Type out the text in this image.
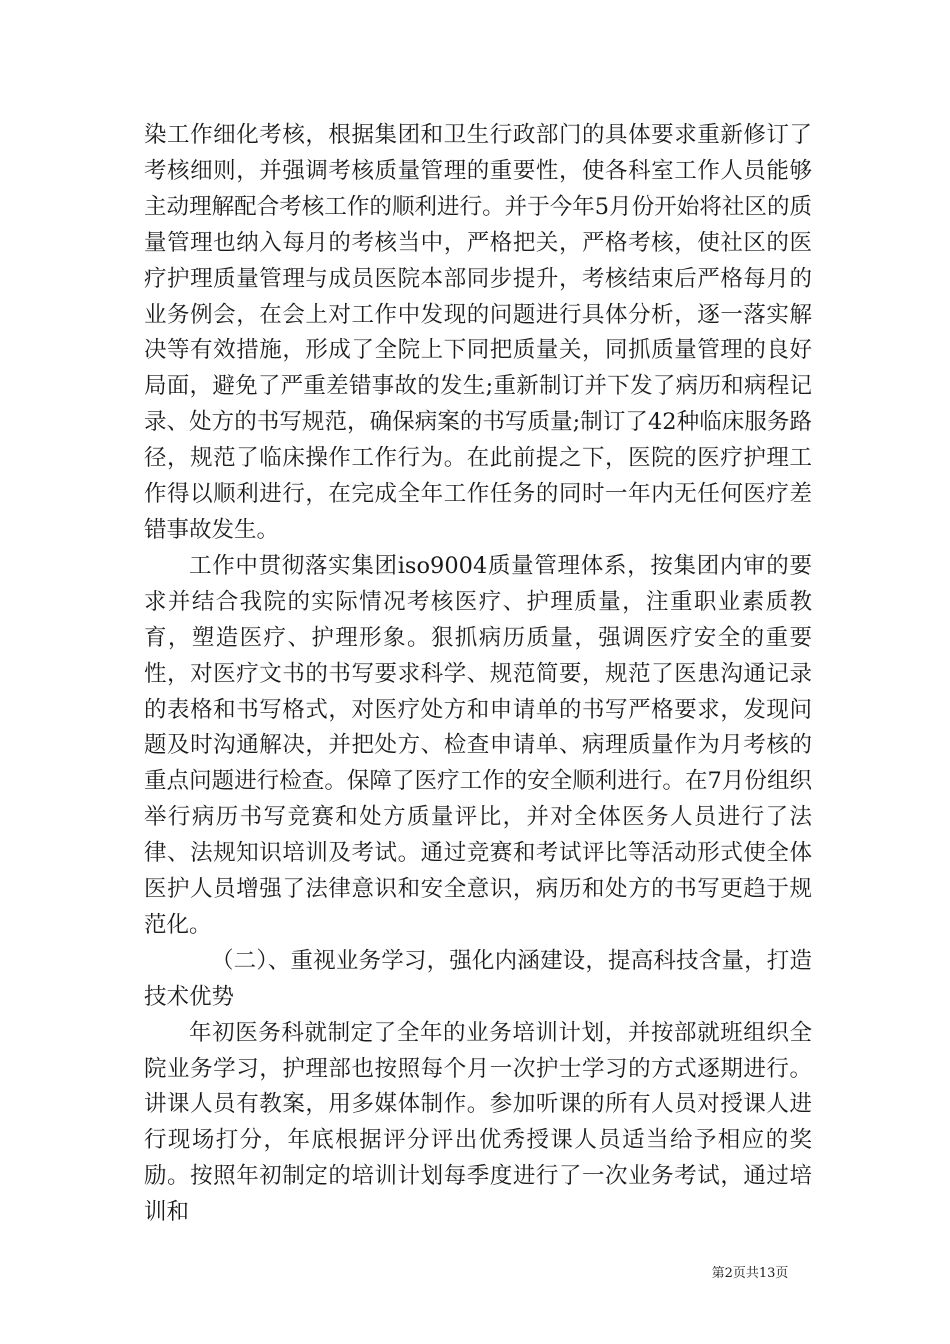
染工作细化考核，根据集团和卫生行政部门的具体要求重新修订了考核细则，并强调考核质量管理的重要性，使各科室工作人员能够主动理解配合考核工作的顺利进行。并于今年5月份开始将社区的质量管理也纳入每月的考核当中，严格把关，严格考核，使社区的医疗护理质量管理与成员医院本部同步提升，考核结束后严格每月的业务例会，在会上对工作中发现的问题进行具体分析，逐一落实解决等有效措施，形成了全院上下同把质量关，同抓质量管理的良好局面，避免了严重差错事故的发生;重新制订并下发了病历和病程记录、处方的书写规范，确保病案的书写质量;制订了42种临床服务路径，规范了临床操作工作行为。在此前提之下，医院的医疗护理工作得以顺利进行，在完成全年工作任务的同时一年内无任何医疗差错事故发生。

工作中贯彻落实集团iso9004质量管理体系，按集团内审的要求并结合我院的实际情况考核医疗、护理质量，注重职业素质教育，塑造医疗、护理形象。狠抓病历质量，强调医疗安全的重要性，对医疗文书的书写要求科学、规范简要，规范了医患沟通记录的表格和书写格式，对医疗处方和申请单的书写严格要求，发现问题及时沟通解决，并把处方、检查申请单、病理质量作为月考核的重点问题进行检查。保障了医疗工作的安全顺利进行。在7月份组织举行病历书写竞赛和处方质量评比，并对全体医务人员进行了法律、法规知识培训及考试。通过竞赛和考试评比等活动形式使全体医护人员增强了法律意识和安全意识，病历和处方的书写更趋于规范化。

（二）、重视业务学习，强化内涵建设，提高科技含量，打造技术优势

年初医务科就制定了全年的业务培训计划，并按部就班组织全院业务学习，护理部也按照每个月一次护士学习的方式逐期进行。讲课人员有教案，用多媒体制作。参加听课的所有人员对授课人进行现场打分，年底根据评分评出优秀授课人员适当给予相应的奖励。按照年初制定的培训计划每季度进行了一次业务考试，通过培训和

第2页共13页
